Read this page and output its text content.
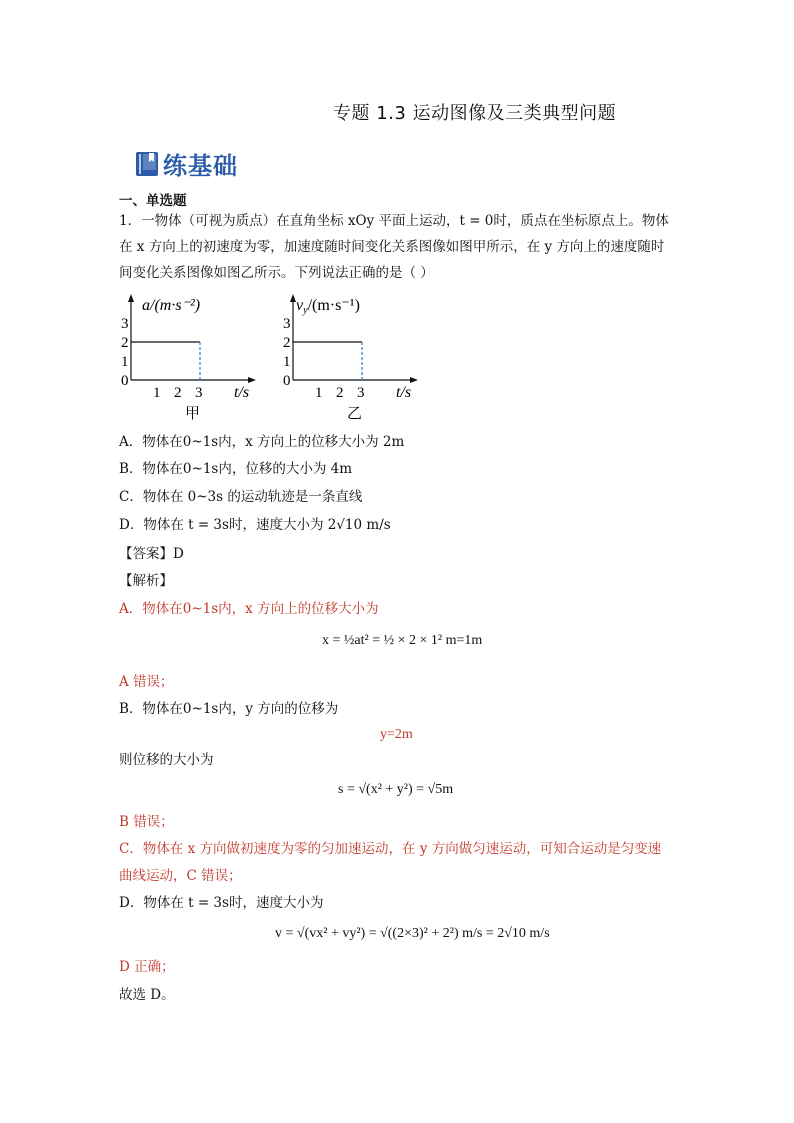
专题 1.3 运动图像及三类典型问题
练基础
一、单选题
1．一物体（可视为质点）在直角坐标 xOy 平面上运动，t = 0时，质点在坐标原点上。物体
在 x 方向上的初速度为零，加速度随时间变化关系图像如图甲所示，在 y 方向上的速度随时
间变化关系图像如图乙所示。下列说法正确的是（ ）
a/(m·s⁻²)
3
2
1
0
1 2 3 t/s
甲
vy/(m·s⁻¹)
3
2
1
0
1 2 3 t/s
乙
A．物体在0~1s内，x 方向上的位移大小为 2m
B．物体在0~1s内，位移的大小为 4m
C．物体在 0~3s 的运动轨迹是一条直线
D．物体在 t = 3s时，速度大小为 2√10 m/s
【答案】D
【解析】
A．物体在0~1s内，x 方向上的位移大小为
x = ½at² = ½ × 2 × 1² m=1m
A 错误；
B．物体在0~1s内，y 方向的位移为
y=2m
则位移的大小为
s = √(x² + y²) = √5m
B 错误；
C．物体在 x 方向做初速度为零的匀加速运动，在 y 方向做匀速运动，可知合运动是匀变速
曲线运动，C 错误；
D．物体在 t = 3s时，速度大小为
v = √(vx² + vy²) = √((2×3)² + 2²) m/s = 2√10 m/s
D 正确；
故选 D。
